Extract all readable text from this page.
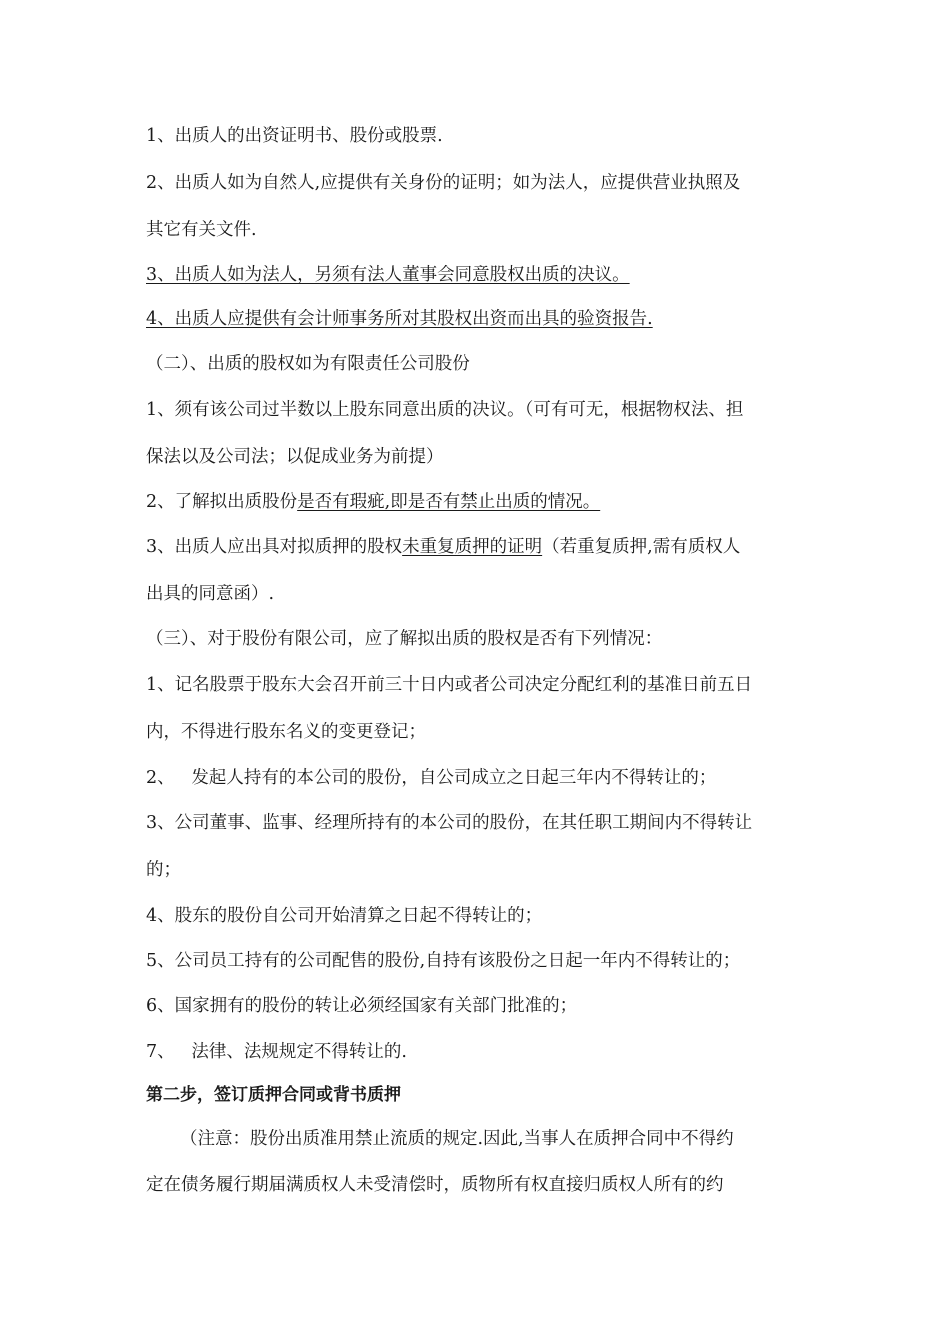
1、出质人的出资证明书、股份或股票.

2、出质人如为自然人,应提供有关身份的证明；如为法人，应提供营业执照及

其它有关文件.

3、出质人如为法人，另须有法人董事会同意股权出质的决议。

4、出质人应提供有会计师事务所对其股权出资而出具的验资报告.

（二）、出质的股权如为有限责任公司股份

1、须有该公司过半数以上股东同意出质的决议。（可有可无，根据物权法、担

保法以及公司法；以促成业务为前提）

2、了解拟出质股份是否有瑕疵,即是否有禁止出质的情况。

3、出质人应出具对拟质押的股权未重复质押的证明（若重复质押,需有质权人

出具的同意函）.

（三）、对于股份有限公司，应了解拟出质的股权是否有下列情况：

1、记名股票于股东大会召开前三十日内或者公司决定分配红利的基准日前五日

内，不得进行股东名义的变更登记；

2、   发起人持有的本公司的股份，自公司成立之日起三年内不得转让的；

3、公司董事、监事、经理所持有的本公司的股份，在其任职工期间内不得转让

的；

4、股东的股份自公司开始清算之日起不得转让的；

5、公司员工持有的公司配售的股份,自持有该股份之日起一年内不得转让的；

6、国家拥有的股份的转让必须经国家有关部门批准的；

7、   法律、法规规定不得转让的.

第二步，签订质押合同或背书质押

（注意：股份出质准用禁止流质的规定.因此,当事人在质押合同中不得约

定在债务履行期届满质权人未受清偿时，质物所有权直接归质权人所有的约
